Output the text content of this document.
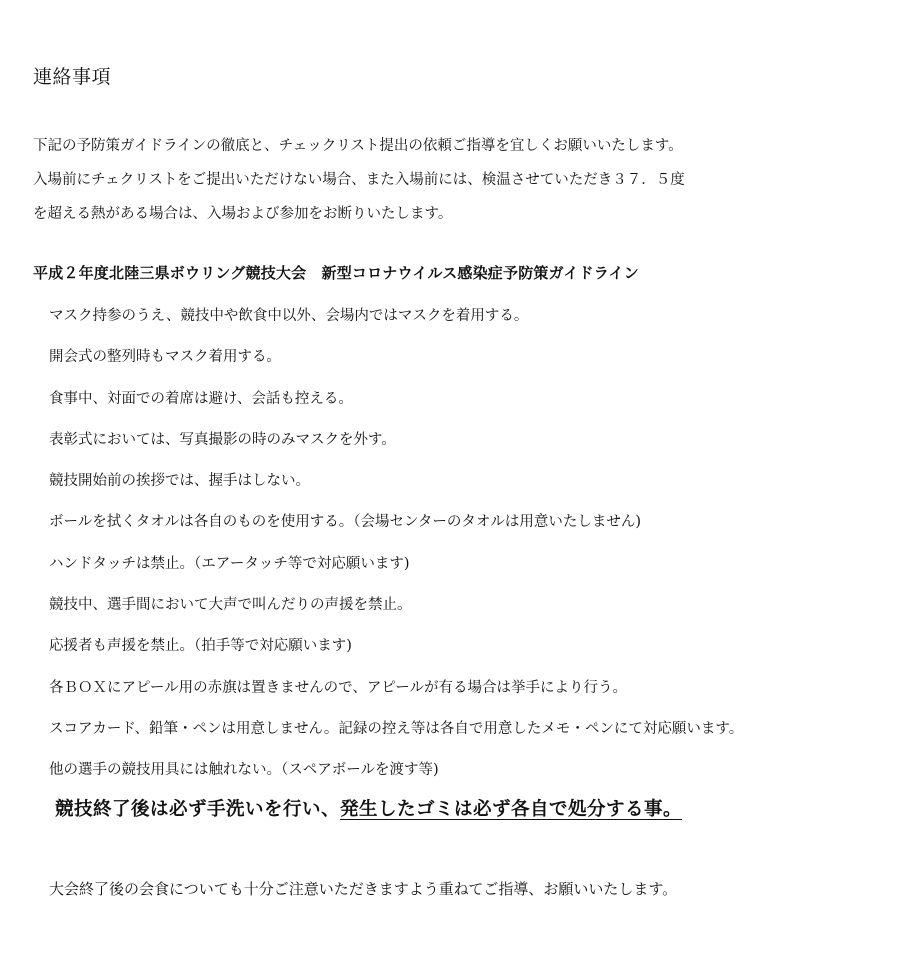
連絡事項

下記の予防策ガイドラインの徹底と、チェックリスト提出の依頼ご指導を宜しくお願いいたします。

入場前にチェクリストをご提出いただけない場合、また入場前には、検温させていただき３７．５度

を超える熱がある場合は、入場および参加をお断りいたします。

平成２年度北陸三県ボウリング競技大会　新型コロナウイルス感染症予防策ガイドライン
マスク持参のうえ、競技中や飲食中以外、会場内ではマスクを着用する。
開会式の整列時もマスク着用する。
食事中、対面での着席は避け、会話も控える。
表彰式においては、写真撮影の時のみマスクを外す。
競技開始前の挨拶では、握手はしない。
ボールを拭くタオルは各自のものを使用する。（会場センターのタオルは用意いたしません)
ハンドタッチは禁止。（エアータッチ等で対応願います)
競技中、選手間において大声で叫んだりの声援を禁止。
応援者も声援を禁止。（拍手等で対応願います)
各ＢＯＸにアピール用の赤旗は置きませんので、アピールが有る場合は挙手により行う。
スコアカード、鉛筆・ペンは用意しません。記録の控え等は各自で用意したメモ・ペンにて対応願います。
他の選手の競技用具には触れない。（スペアボールを渡す等)

競技終了後は必ず手洗いを行い、発生したゴミは必ず各自で処分する事。

大会終了後の会食についても十分ご注意いただきますよう重ねてご指導、お願いいたします。
